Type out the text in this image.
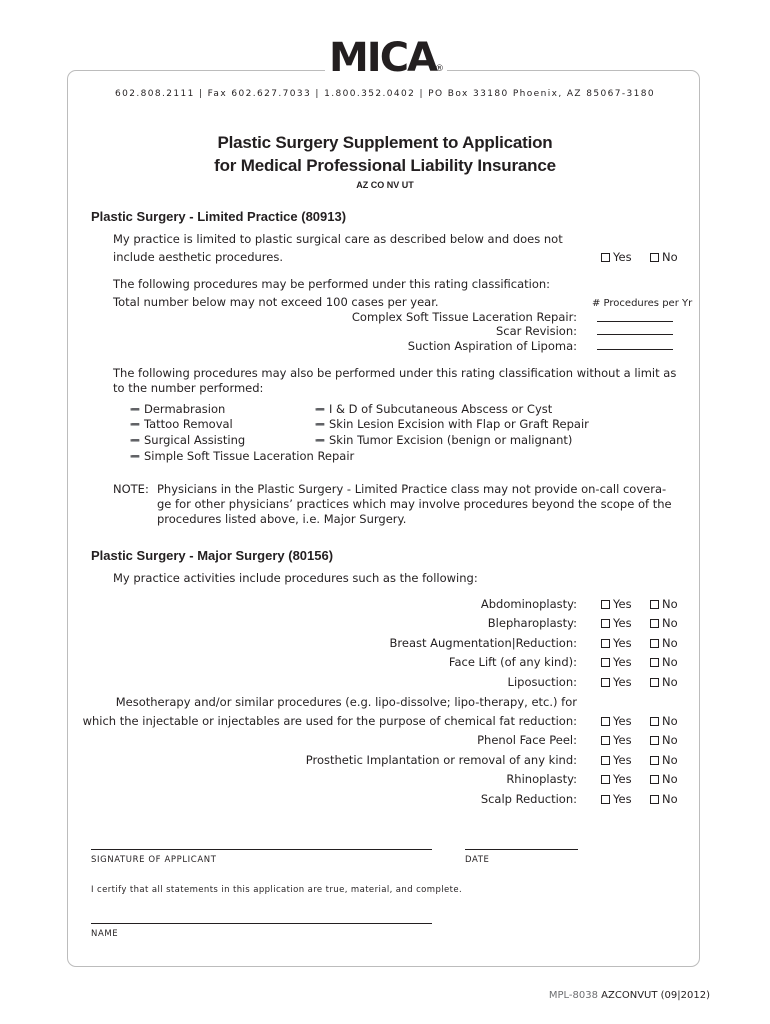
MICA ®
602.808.2111 | Fax 602.627.7033 | 1.800.352.0402 | PO Box 33180 Phoenix, AZ 85067-3180
Plastic Surgery Supplement to Application
for Medical Professional Liability Insurance
AZ CO NV UT
Plastic Surgery - Limited Practice (80913)
My practice is limited to plastic surgical care as described below and does not
include aesthetic procedures.	Yes	No
The following procedures may be performed under this rating classification:
Total number below may not exceed 100 cases per year.	# Procedures per Yr
Complex Soft Tissue Laceration Repair:
Scar Revision:
Suction Aspiration of Lipoma:
The following procedures may also be performed under this rating classification without a limit as
to the number performed:
➖ Dermabrasion
➖ Tattoo Removal
➖ Surgical Assisting
➖ Simple Soft Tissue Laceration Repair
➖ I & D of Subcutaneous Abscess or Cyst
➖ Skin Lesion Excision with Flap or Graft Repair
➖ Skin Tumor Excision (benign or malignant)
NOTE: Physicians in the Plastic Surgery - Limited Practice class may not provide on-call covera-
ge for other physicians’ practices which may involve procedures beyond the scope of the
procedures listed above, i.e. Major Surgery.
Plastic Surgery - Major Surgery (80156)
My practice activities include procedures such as the following:
Abdominoplasty:	Yes	No
Blepharoplasty:	Yes	No
Breast Augmentation|Reduction:	Yes	No
Face Lift (of any kind):	Yes	No
Liposuction:	Yes	No
Mesotherapy and/or similar procedures (e.g. lipo-dissolve; lipo-therapy, etc.) for
which the injectable or injectables are used for the purpose of chemical fat reduction:	Yes	No
Phenol Face Peel:	Yes	No
Prosthetic Implantation or removal of any kind:	Yes	No
Rhinoplasty:	Yes	No
Scalp Reduction:	Yes	No
SIGNATURE OF APPLICANT	DATE
I certify that all statements in this application are true, material, and complete.
NAME
MPL-8038 AZCONVUT (09|2012)
